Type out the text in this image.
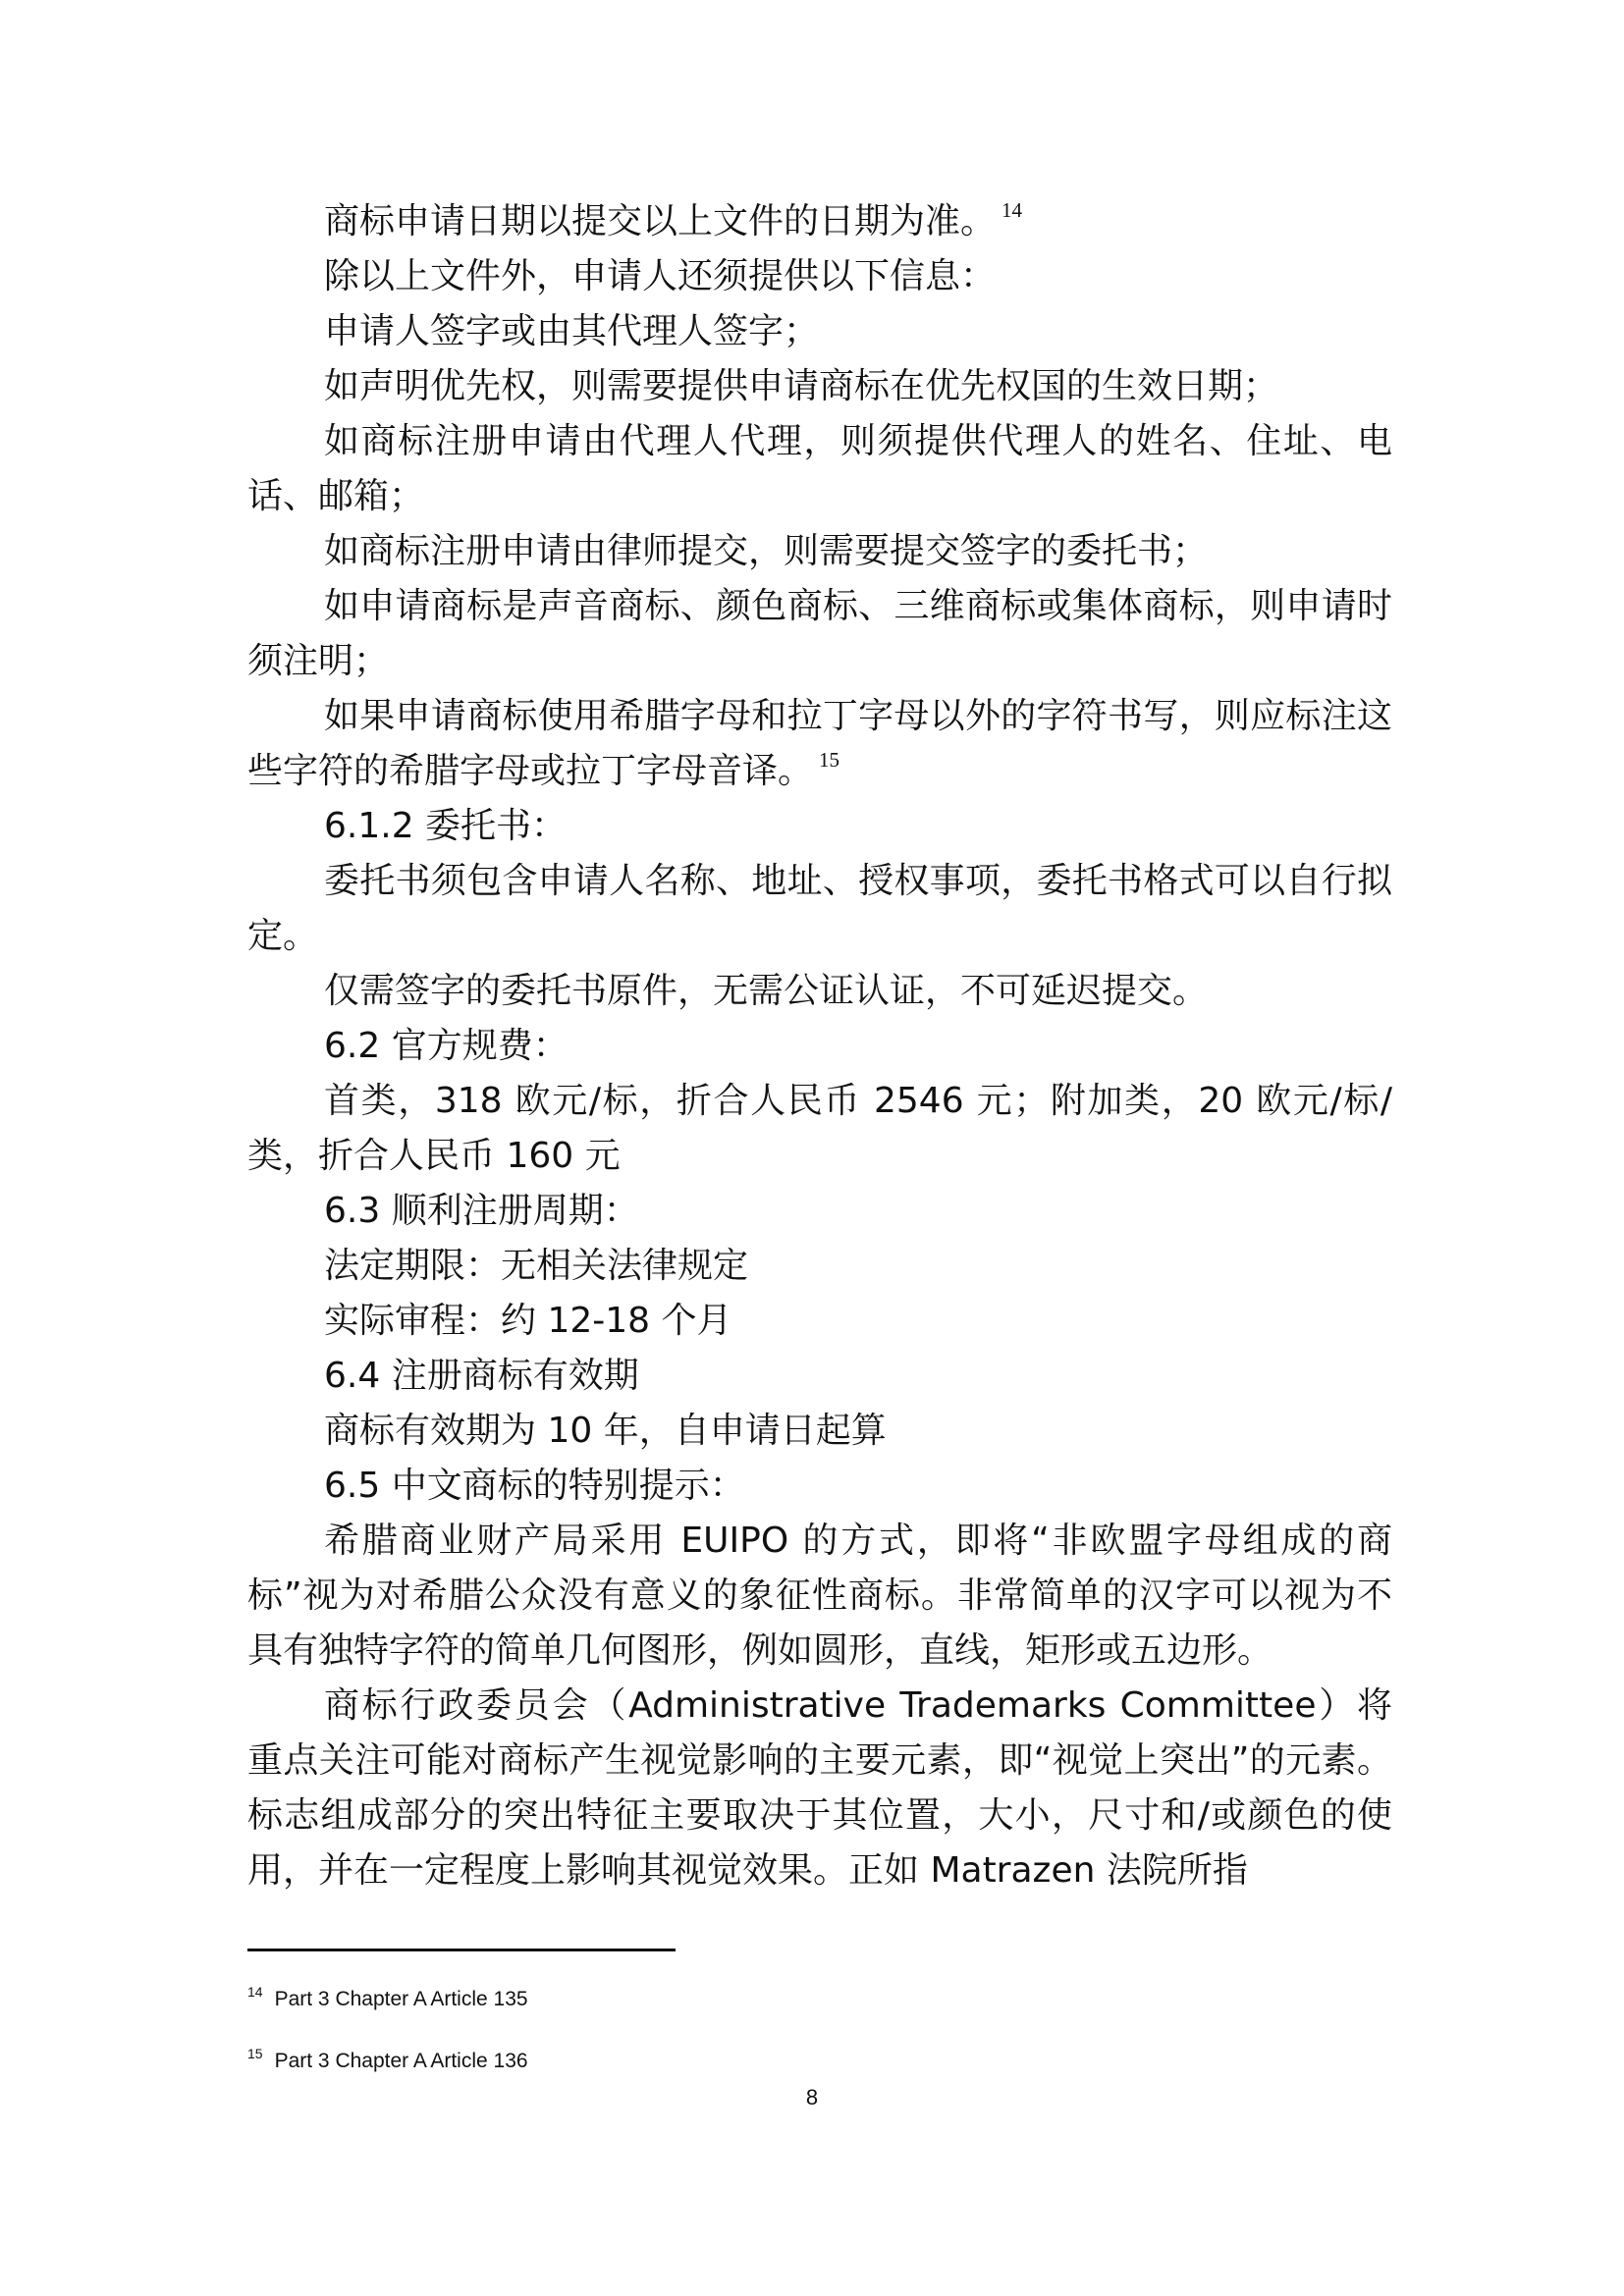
商标申请日期以提交以上文件的日期为准。 $^{14}$

除以上文件外，申请人还须提供以下信息：

申请人签字或由其代理人签字；

如声明优先权，则需要提供申请商标在优先权国的生效日期；

如商标注册申请由代理人代理，则须提供代理人的姓名、住址、电话、邮箱；

如商标注册申请由律师提交，则需要提交签字的委托书；

如申请商标是声音商标、颜色商标、三维商标或集体商标，则申请时须注明；

如果申请商标使用希腊字母和拉丁字母以外的字符书写，则应标注这些字符的希腊字母或拉丁字母音译。 $^{15}$

6.1.2 委托书：

委托书须包含申请人名称、地址、授权事项，委托书格式可以自行拟定。

仅需签字的委托书原件，无需公证认证，不可延迟提交。

6.2 官方规费：

首类，318 欧元/标，折合人民币 2546 元；附加类，20 欧元/标/类，折合人民币 160 元

6.3 顺利注册周期：

法定期限：无相关法律规定

实际审程：约 12-18 个月

6.4 注册商标有效期

商标有效期为 10 年，自申请日起算

6.5 中文商标的特别提示：

希腊商业财产局采用 EUIPO 的方式，即将“非欧盟字母组成的商标”视为对希腊公众没有意义的象征性商标。非常简单的汉字可以视为不具有独特字符的简单几何图形，例如圆形，直线，矩形或五边形。

商标行政委员会（Administrative Trademarks Committee）将重点关注可能对商标产生视觉影响的主要元素，即“视觉上突出”的元素。标志组成部分的突出特征主要取决于其位置，大小，尺寸和/或颜色的使用，并在一定程度上影响其视觉效果。正如 Matrazen 法院所指

$^{14}$ Part 3 Chapter A Article 135

$^{15}$ Part 3 Chapter A Article 136

8
